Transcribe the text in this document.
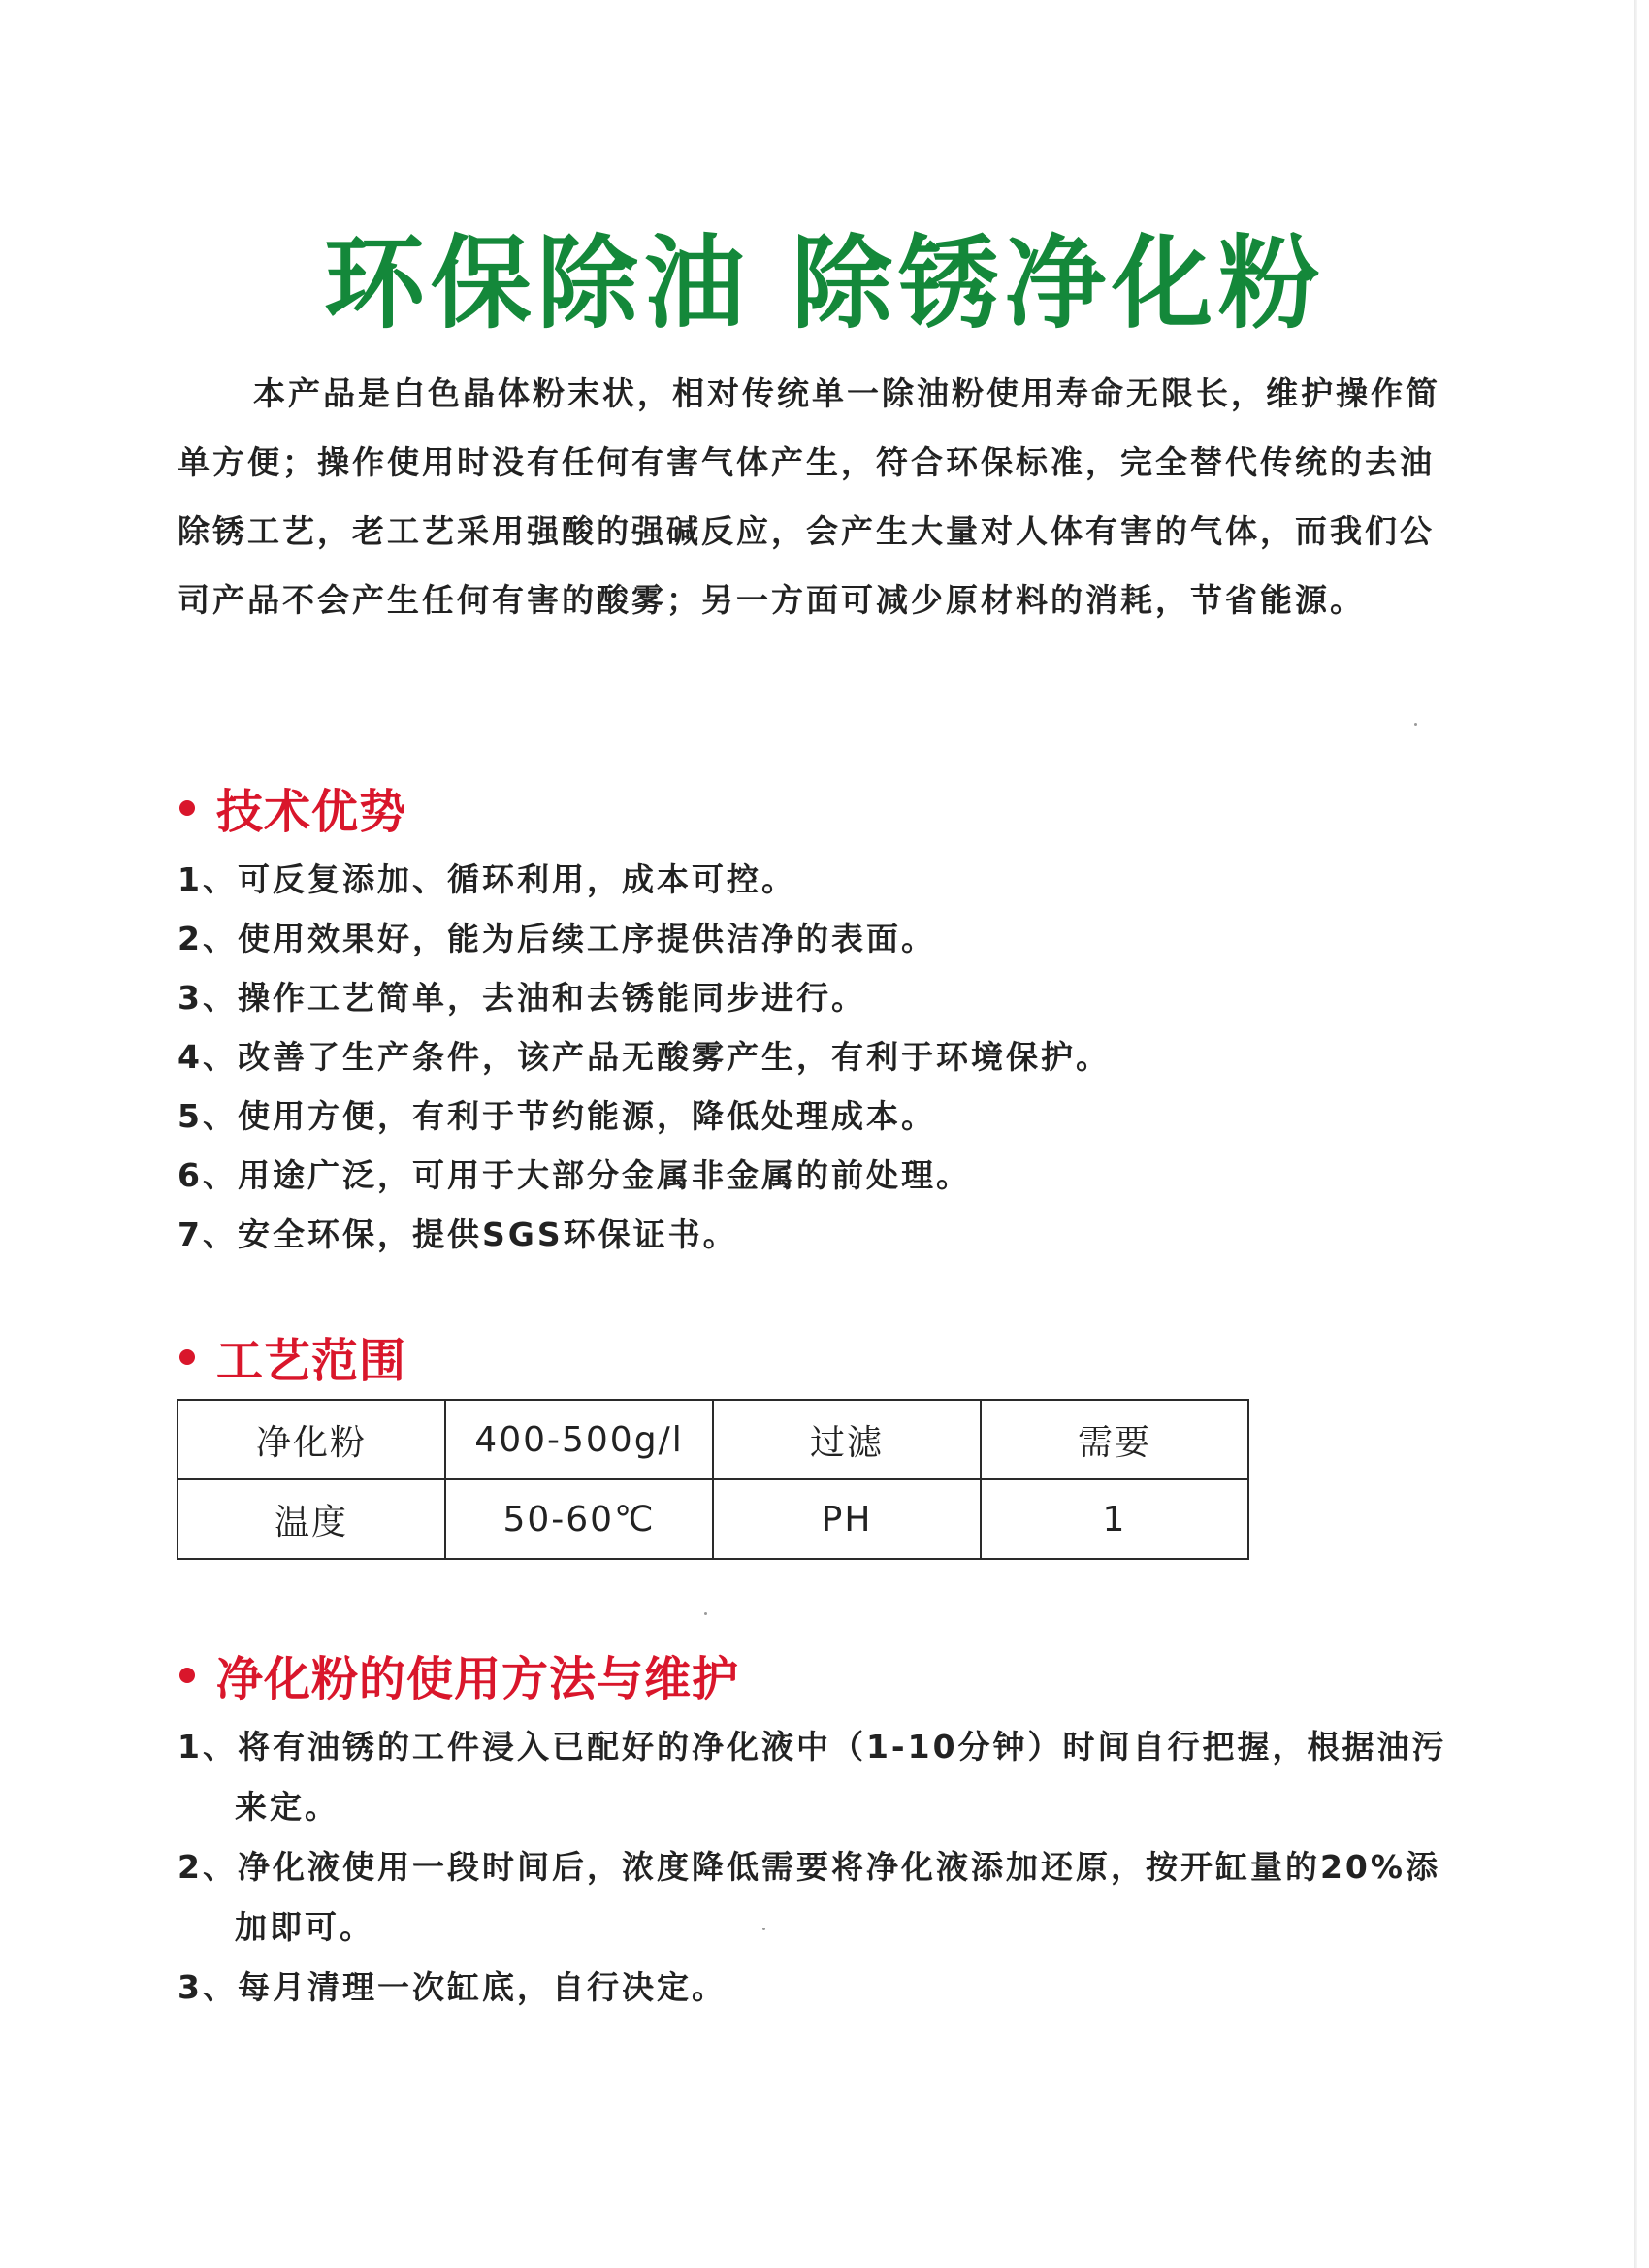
环保除油 除锈净化粉

本产品是白色晶体粉末状，相对传统单一除油粉使用寿命无限长，维护操作简单方便；操作使用时没有任何有害气体产生，符合环保标准，完全替代传统的去油除锈工艺，老工艺采用强酸的强碱反应，会产生大量对人体有害的气体，而我们公司产品不会产生任何有害的酸雾；另一方面可减少原材料的消耗，节省能源。

技术优势
1、可反复添加、循环利用，成本可控。
2、使用效果好，能为后续工序提供洁净的表面。
3、操作工艺简单，去油和去锈能同步进行。
4、改善了生产条件，该产品无酸雾产生，有利于环境保护。
5、使用方便，有利于节约能源，降低处理成本。
6、用途广泛，可用于大部分金属非金属的前处理。
7、安全环保，提供SGS环保证书。
工艺范围
净化粉	400-500g/l	过滤	需要
温度	50-60℃	PH	1
净化粉的使用方法与维护
1、将有油锈的工件浸入已配好的净化液中（1-10分钟）时间自行把握，根据油污来定。
2、净化液使用一段时间后，浓度降低需要将净化液添加还原，按开缸量的20%添加即可。
3、每月清理一次缸底，自行决定。
